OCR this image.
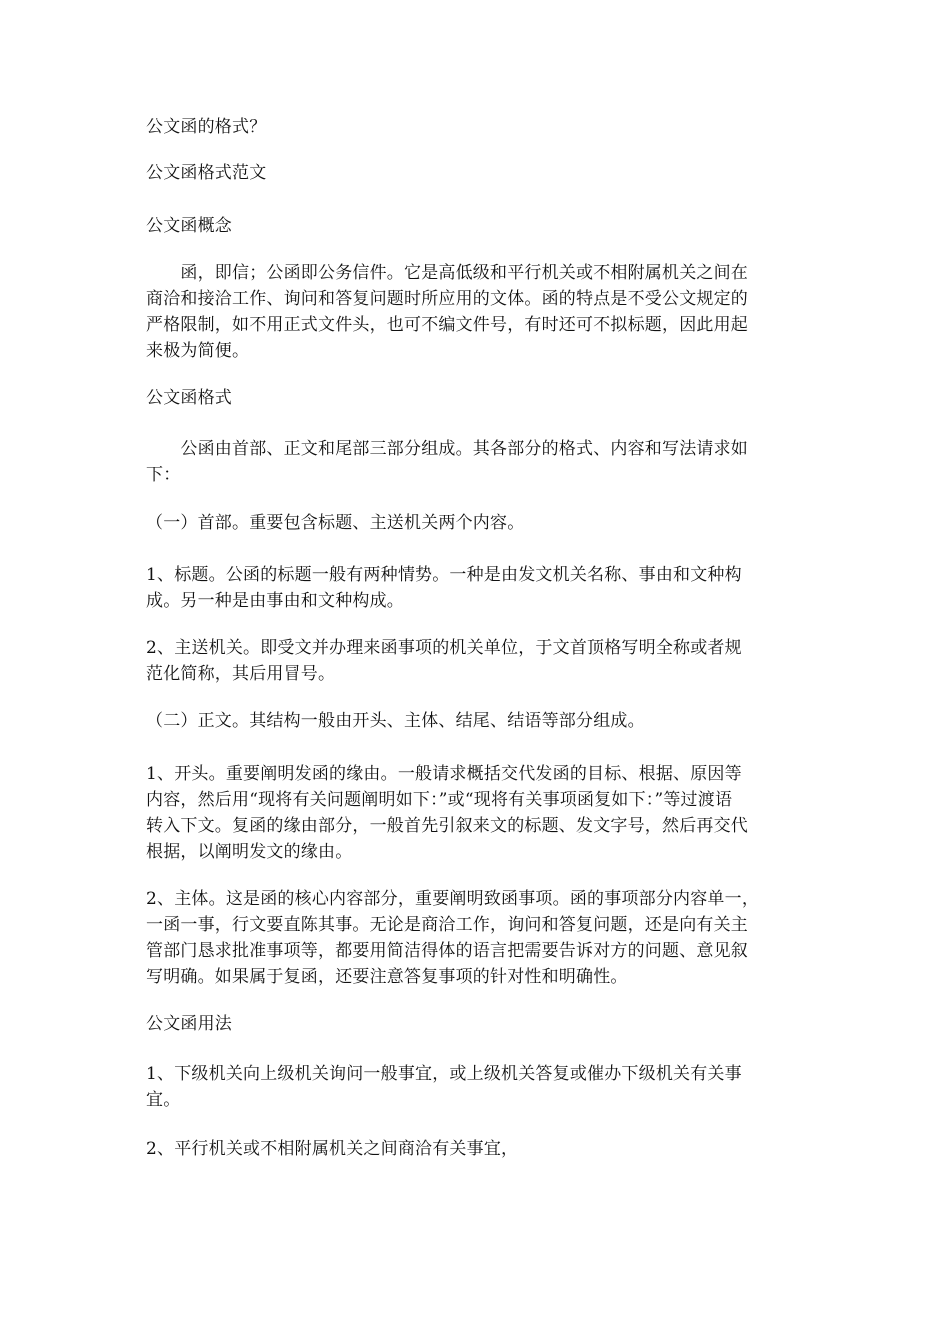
公文函的格式？

公文函格式范文

公文函概念

　　函，即信；公函即公务信件。它是高低级和平行机关或不相附属机关之间在
商洽和接洽工作、询问和答复问题时所应用的文体。函的特点是不受公文规定的
严格限制，如不用正式文件头，也可不编文件号，有时还可不拟标题，因此用起
来极为简便。

公文函格式

　　公函由首部、正文和尾部三部分组成。其各部分的格式、内容和写法请求如
下：

（一）首部。重要包含标题、主送机关两个内容。

1、标题。公函的标题一般有两种情势。一种是由发文机关名称、事由和文种构
成。另一种是由事由和文种构成。
2、主送机关。即受文并办理来函事项的机关单位，于文首顶格写明全称或者规
范化简称，其后用冒号。

（二）正文。其结构一般由开头、主体、结尾、结语等部分组成。

1、开头。重要阐明发函的缘由。一般请求概括交代发函的目标、根据、原因等
内容，然后用“现将有关问题阐明如下：”或“现将有关事项函复如下：”等过渡语
转入下文。复函的缘由部分，一般首先引叙来文的标题、发文字号，然后再交代
根据，以阐明发文的缘由。
2、主体。这是函的核心内容部分，重要阐明致函事项。函的事项部分内容单一，
一函一事，行文要直陈其事。无论是商洽工作，询问和答复问题，还是向有关主
管部门恳求批准事项等，都要用简洁得体的语言把需要告诉对方的问题、意见叙
写明确。如果属于复函，还要注意答复事项的针对性和明确性。

公文函用法

1、下级机关向上级机关询问一般事宜，或上级机关答复或催办下级机关有关事
宜。
2、平行机关或不相附属机关之间商洽有关事宜，
